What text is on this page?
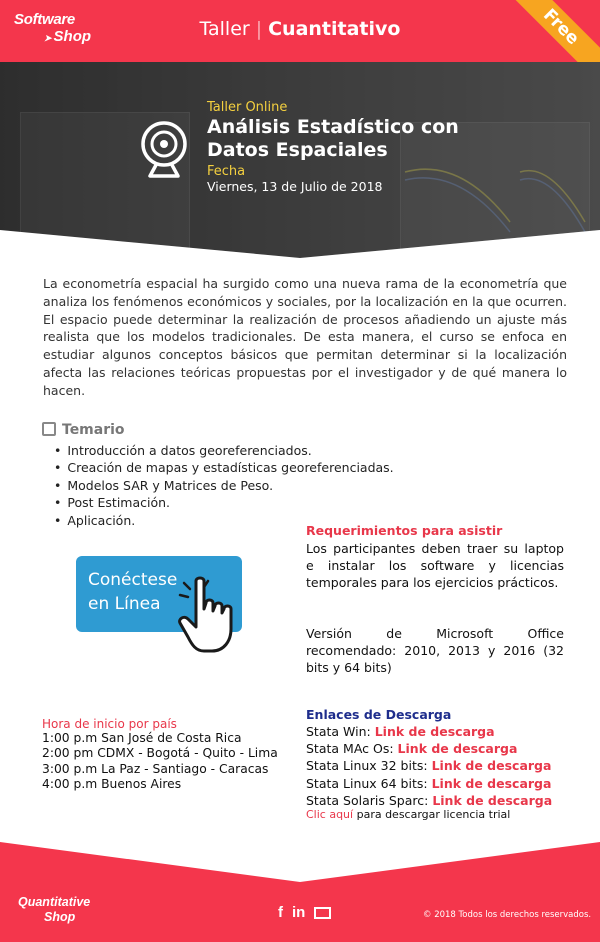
Software
➤ Shop	Taller | Cuantitativo	Free
Taller Online
Análisis Estadístico con
Datos Espaciales
Fecha
Viernes, 13 de Julio de 2018
La econometría espacial ha surgido como una nueva rama de la econometría que analiza los fenómenos económicos y sociales, por la localización en la que ocurren. El espacio puede determinar la realización de procesos añadiendo un ajuste más realista que los modelos tradicionales. De esta manera, el curso se enfoca en estudiar algunos conceptos básicos que permitan determinar si la localización afecta las relaciones teóricas propuestas por el investigador y de qué manera lo hacen.
Temario
• Introducción a datos georeferenciados.
• Creación de mapas y estadísticas georeferenciadas.
• Modelos SAR y Matrices de Peso.
• Post Estimación.
• Aplicación.
Conéctese
en Línea
Requerimientos para asistir
Los participantes deben traer su laptop e instalar los software y licencias temporales para los ejercicios prácticos.
Versión de Microsoft Office recomendado: 2010, 2013 y 2016 (32 bits y 64 bits)
Hora de inicio por país
1:00 p.m San José de Costa Rica
2:00 pm CDMX - Bogotá - Quito - Lima
3:00 p.m La Paz - Santiago - Caracas
4:00 p.m Buenos Aires
Enlaces de Descarga
Stata Win: Link de descarga
Stata MAc Os: Link de descarga
Stata Linux 32 bits: Link de descarga
Stata Linux 64 bits: Link de descarga
Stata Solaris Sparc: Link de descarga
Clic aquí para descargar licencia trial
Quantitative
Shop	f in	© 2018 Todos los derechos reservados.
